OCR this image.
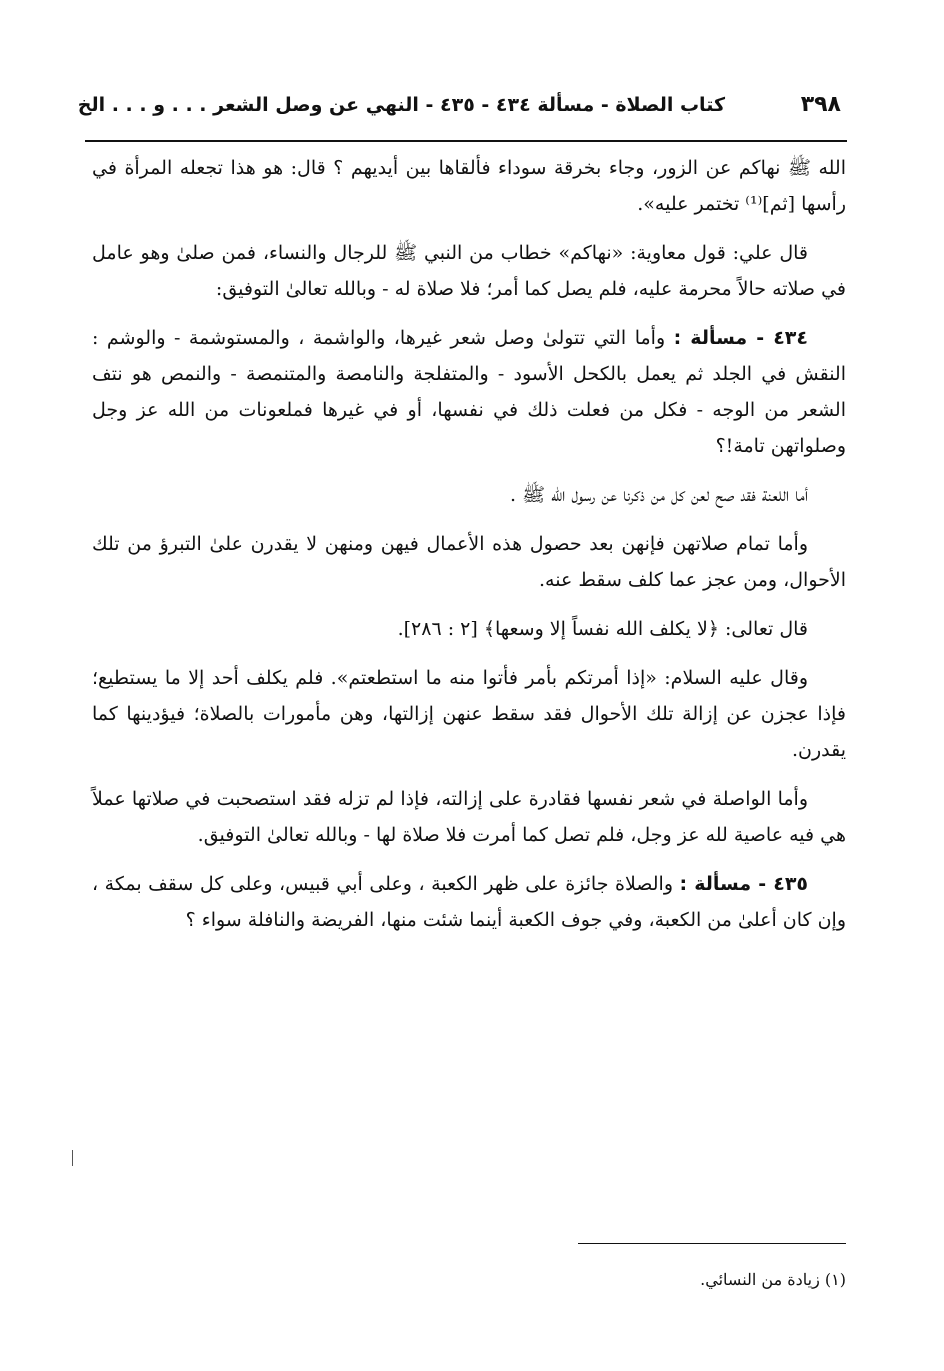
٣٩٨
كتاب الصلاة - مسألة ٤٣٤ - ٤٣٥ - النهي عن وصل الشعر . . . و . . . الخ

الله ﷺ نهاكم عن الزور، وجاء بخرقة سوداء فألقاها بين أيديهم ؟ قال: هو هذا تجعله المرأة في رأسها [ثم]⁽¹⁾ تختمر عليه».

قال علي: قول معاوية: «نهاكم» خطاب من النبي ﷺ للرجال والنساء، فمن صلىٰ وهو عامل في صلاته حالاً محرمة عليه، فلم يصل كما أمر؛ فلا صلاة له - وبالله تعالىٰ التوفيق:

٤٣٤ - مسألة : وأما التي تتولىٰ وصل شعر غيرها، والواشمة ، والمستوشمة - والوشم : النقش في الجلد ثم يعمل بالكحل الأسود - والمتفلجة والنامصة والمتنمصة - والنمص هو نتف الشعر من الوجه - فكل من فعلت ذلك في نفسها، أو في غيرها فملعونات من الله عز وجل وصلواتهن تامة!؟

أما اللعنة فقد صح لعن كل من ذكرنا عن رسول الله ﷺ .

وأما تمام صلاتهن فإنهن بعد حصول هذه الأعمال فيهن ومنهن لا يقدرن علىٰ التبرؤ من تلك الأحوال، ومن عجز عما كلف سقط عنه.

قال تعالى: ﴿لا يكلف الله نفساً إلا وسعها﴾ [٢ : ٢٨٦].

وقال عليه السلام: «إذا أمرتكم بأمر فأتوا منه ما استطعتم». فلم يكلف أحد إلا ما يستطيع؛ فإذا عجزن عن إزالة تلك الأحوال فقد سقط عنهن إزالتها، وهن مأمورات بالصلاة؛ فيؤدينها كما يقدرن.

وأما الواصلة في شعر نفسها فقادرة على إزالته، فإذا لم تزله فقد استصحبت في صلاتها عملاً هي فيه عاصية لله عز وجل، فلم تصل كما أمرت فلا صلاة لها - وبالله تعالىٰ التوفيق.

٤٣٥ - مسألة : والصلاة جائزة على ظهر الكعبة ، وعلى أبي قبيس، وعلى كل سقف بمكة ، وإن كان أعلىٰ من الكعبة، وفي جوف الكعبة أينما شئت منها، الفريضة والنافلة سواء ؟

(١) زيادة من النسائي.
